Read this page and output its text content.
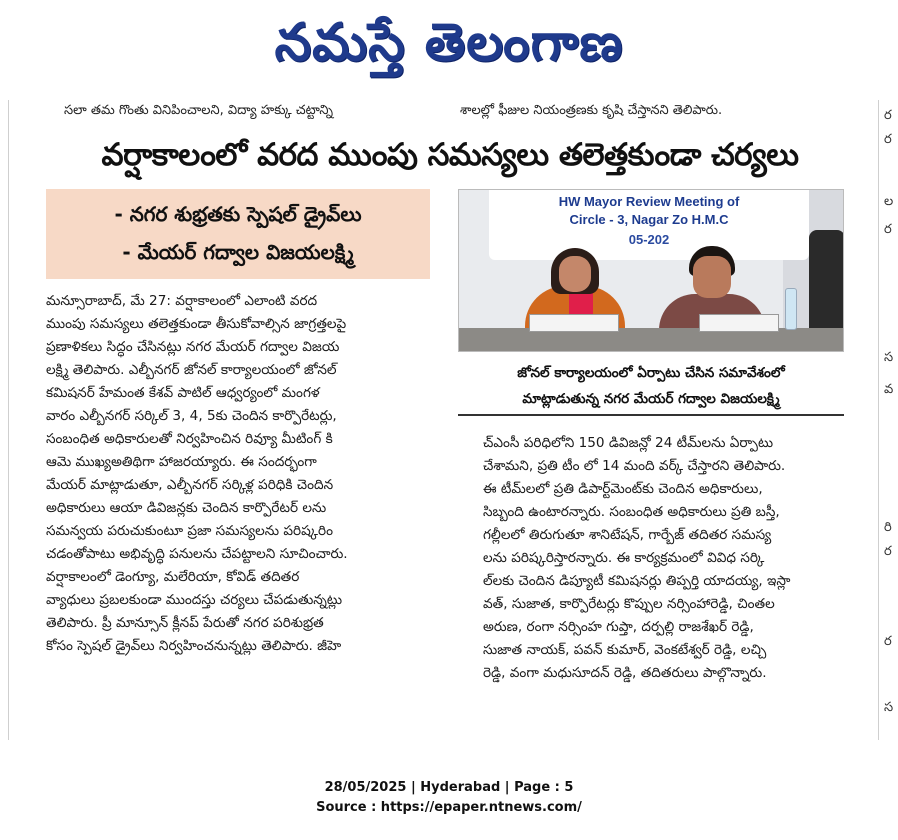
నమస్తే తెలంగాణ
సలా తమ గొంతు వినిపించాలని, విద్యా హక్కు చట్టాన్ని	శాలల్లో ఫీజుల నియంత్రణకు కృషి చేస్తానని తెలిపారు.	ర
ర
ల
ర
స
వ
రి
ర
ర
స
వర్షాకాలంలో వరద ముంపు సమస్యలు తలెత్తకుండా చర్యలు
- నగర శుభ్రతకు స్పెషల్ డ్రైవ్‌లు
- మేయర్ గద్వాల విజయలక్ష్మి
HW Mayor Review Meeting of
Circle - 3, Nagar Zo H.M.C
05-202
జోనల్ కార్యాలయంలో ఏర్పాటు చేసిన సమావేశంలో
మాట్లాడుతున్న నగర మేయర్ గద్వాల విజయలక్ష్మి
మన్సూరాబాద్, మే 27: వర్షాకాలంలో ఎలాంటి వరద
ముంపు సమస్యలు తలెత్తకుండా తీసుకోవాల్సిన జాగ్రత్తలపై
ప్రణాళికలు సిద్ధం చేసినట్లు నగర మేయర్ గద్వాల విజయ
లక్ష్మి తెలిపారు. ఎల్బీనగర్ జోనల్ కార్యాలయంలో జోనల్
కమిషనర్ హేమంత కేశవ్ పాటిల్ ఆధ్వర్యంలో మంగళ
వారం ఎల్బీనగర్ సర్కిల్ 3, 4, 5కు చెందిన కార్పొరేటర్లు,
సంబంధిత అధికారులతో నిర్వహించిన రివ్యూ మీటింగ్ కి
ఆమె ముఖ్యఅతిథిగా హాజరయ్యారు. ఈ సందర్భంగా
మేయర్ మాట్లాడుతూ, ఎల్బీనగర్ సర్కిళ్ల పరిధికి చెందిన
అధికారులు ఆయా డివిజన్లకు చెందిన కార్పొరేటర్ లను
సమన్వయ పరుచుకుంటూ ప్రజా సమస్యలను పరిష్కరిం
చడంతోపాటు అభివృద్ధి పనులను చేపట్టాలని సూచించారు.
వర్షాకాలంలో డెంగ్యూ, మలేరియా, కోవిడ్ తదితర
వ్యాధులు ప్రబలకుండా ముందస్తు చర్యలు చేపడుతున్నట్లు
తెలిపారు. ప్రీ మాన్సూన్ క్లీనప్ పేరుతో నగర పరిశుభ్రత
కోసం స్పెషల్ డ్రైవ్‌లు నిర్వహించనున్నట్లు తెలిపారు. జీహె
చ్ఎంసీ పరిధిలోని 150 డివిజన్లో 24 టీమ్‌లను ఏర్పాటు
చేశామని, ప్రతి టీం లో 14 మంది వర్క్ చేస్తారని తెలిపారు.
ఈ టీమ్‌లలో ప్రతి డిపార్ట్‌మెంట్‌కు చెందిన అధికారులు,
సిబ్బంది ఉంటారన్నారు. సంబంధిత అధికారులు ప్రతి బస్తీ,
గల్లీలలో తిరుగుతూ శానిటేషన్, గార్బేజ్ తదితర సమస్య
లను పరిష్కరిస్తారన్నారు. ఈ కార్యక్రమంలో వివిధ సర్కి
ల్‌లకు చెందిన డిప్యూటీ కమిషనర్లు తిప్పర్తి యాదయ్య, ఇస్లా
వత్, సుజాత, కార్పొరేటర్లు కొప్పుల నర్సింహారెడ్డి, చింతల
అరుణ, రంగా నర్సింహ గుప్తా, దర్పల్లి రాజశేఖర్ రెడ్డి,
సుజాత నాయక్, పవన్ కుమార్, వెంకటేశ్వర్ రెడ్డి, లచ్చి
రెడ్డి, వంగా మధుసూదన్ రెడ్డి, తదితరులు పాల్గొన్నారు.
28/05/2025 | Hyderabad | Page : 5
Source : https://epaper.ntnews.com/
